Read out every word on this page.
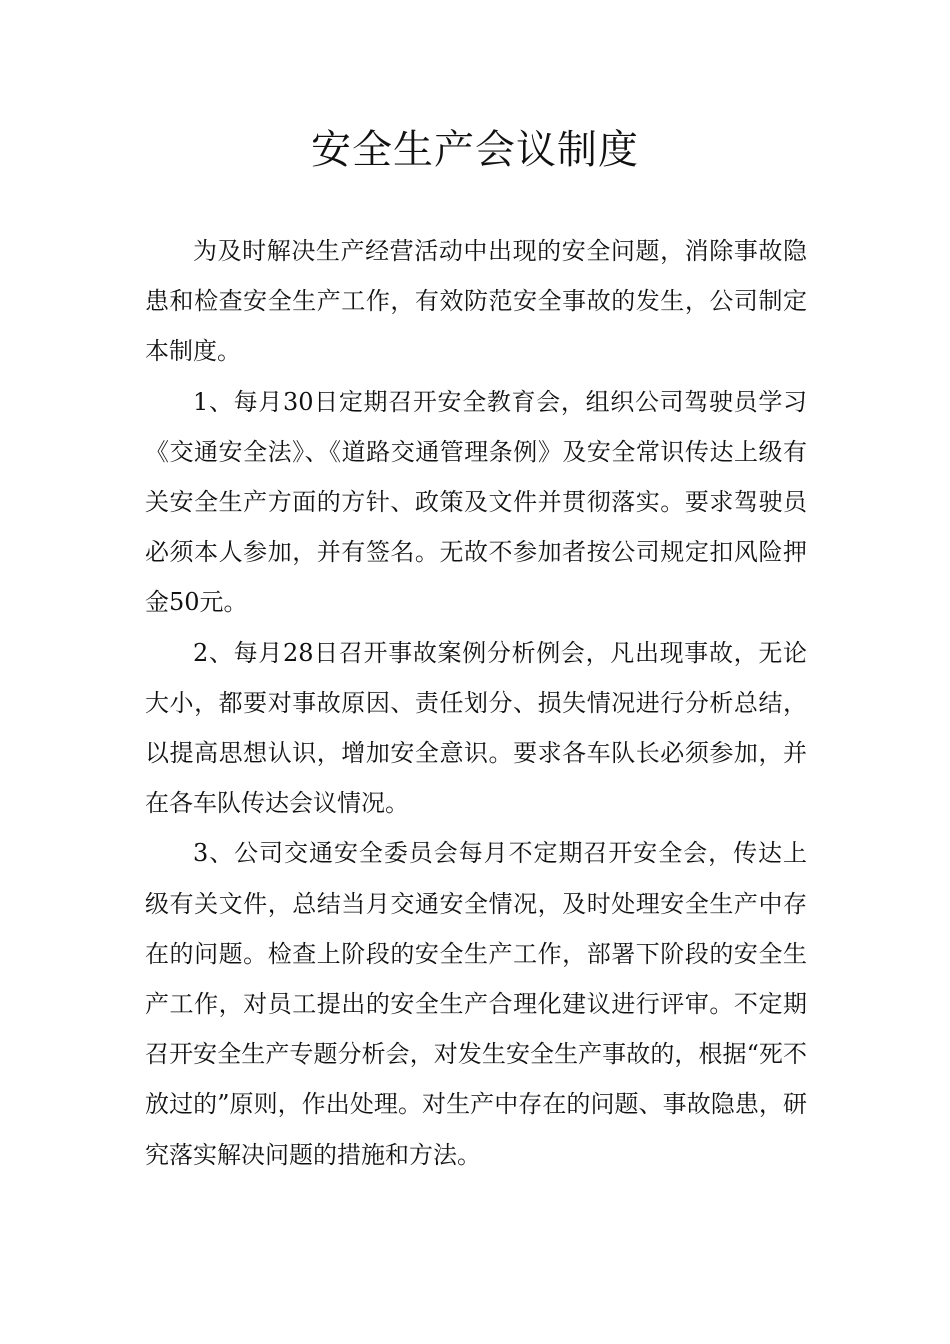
安全生产会议制度

为及时解决生产经营活动中出现的安全问题，消除事故隐患和检查安全生产工作，有效防范安全事故的发生，公司制定本制度。

1、每月30日定期召开安全教育会，组织公司驾驶员学习《交通安全法》、《道路交通管理条例》及安全常识传达上级有关安全生产方面的方针、政策及文件并贯彻落实。要求驾驶员必须本人参加，并有签名。无故不参加者按公司规定扣风险押金50元。

2、每月28日召开事故案例分析例会，凡出现事故，无论大小，都要对事故原因、责任划分、损失情况进行分析总结，以提高思想认识，增加安全意识。要求各车队长必须参加，并在各车队传达会议情况。

3、公司交通安全委员会每月不定期召开安全会，传达上级有关文件，总结当月交通安全情况，及时处理安全生产中存在的问题。检查上阶段的安全生产工作，部署下阶段的安全生产工作，对员工提出的安全生产合理化建议进行评审。不定期召开安全生产专题分析会，对发生安全生产事故的，根据“死不放过的”原则，作出处理。对生产中存在的问题、事故隐患，研究落实解决问题的措施和方法。
